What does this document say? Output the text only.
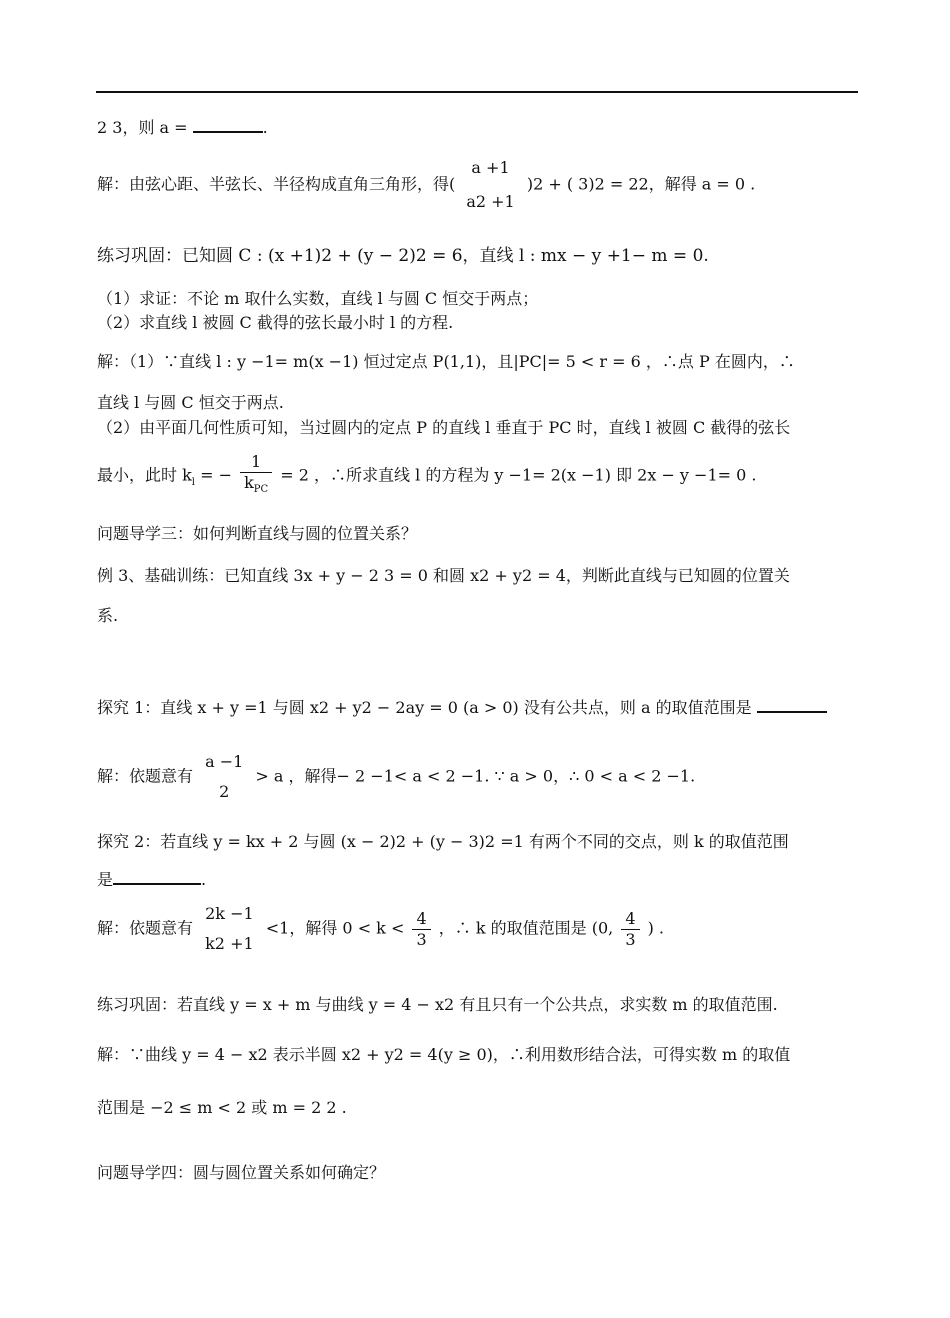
2 3，则 a =	.
解：由弦心距、半弦长、半径构成直角三角形，得(
a +1
a2 +1
)2 + ( 3)2 = 22，解得 a = 0 .
练习巩固：已知圆 C : (x +1)2 + (y − 2)2 = 6，直线 l : mx − y +1− m = 0.
（1）求证：不论 m 取什么实数，直线 l 与圆 C 恒交于两点；
（2）求直线 l 被圆 C 截得的弦长最小时 l 的方程.
解：（1）∵直线 l : y −1= m(x −1) 恒过定点 P(1,1)，且|PC|= 5 < r = 6 ，∴点 P 在圆内，∴
直线 l 与圆 C 恒交于两点.
（2）由平面几何性质可知，当过圆内的定点 P 的直线 l 垂直于 PC 时，直线 l 被圆 C 截得的弦长
最小，此时 $k_l$ = − $\frac{1}{k_{PC}} = 2$ ，∴所求直线 l 的方程为 y −1= 2(x −1) 即 2x − y −1= 0 .
问题导学三：如何判断直线与圆的位置关系？
例 3、基础训练：已知直线 3x + y − 2 3 = 0 和圆 x2 + y2 = 4，判断此直线与已知圆的位置关
系.
探究 1：直线 x + y =1 与圆 x2 + y2 − 2ay = 0 (a > 0) 没有公共点，则 a 的取值范围是
解：依题意有
a −1
2
> a ，解得− 2 −1< a < 2 −1. ∵ a > 0，∴ 0 < a < 2 −1.
探究 2：若直线 y = kx + 2 与圆 (x − 2)2 + (y − 3)2 =1 有两个不同的交点，则 k 的取值范围
是	.
解：依题意有
2k −1
k2 +1
<1，解得 $0 < k < \frac{4}{3}$ ，∴ k 的取值范围是 (0, $\frac{4}{3}$ ) .
练习巩固：若直线 y = x + m 与曲线 y = 4 − x2 有且只有一个公共点，求实数 m 的取值范围.
解：∵曲线 y = 4 − x2 表示半圆 x2 + y2 = 4(y ≥ 0)，∴利用数形结合法，可得实数 m 的取值
范围是 −2 ≤ m < 2 或 m = 2 2 .
问题导学四：圆与圆位置关系如何确定？
